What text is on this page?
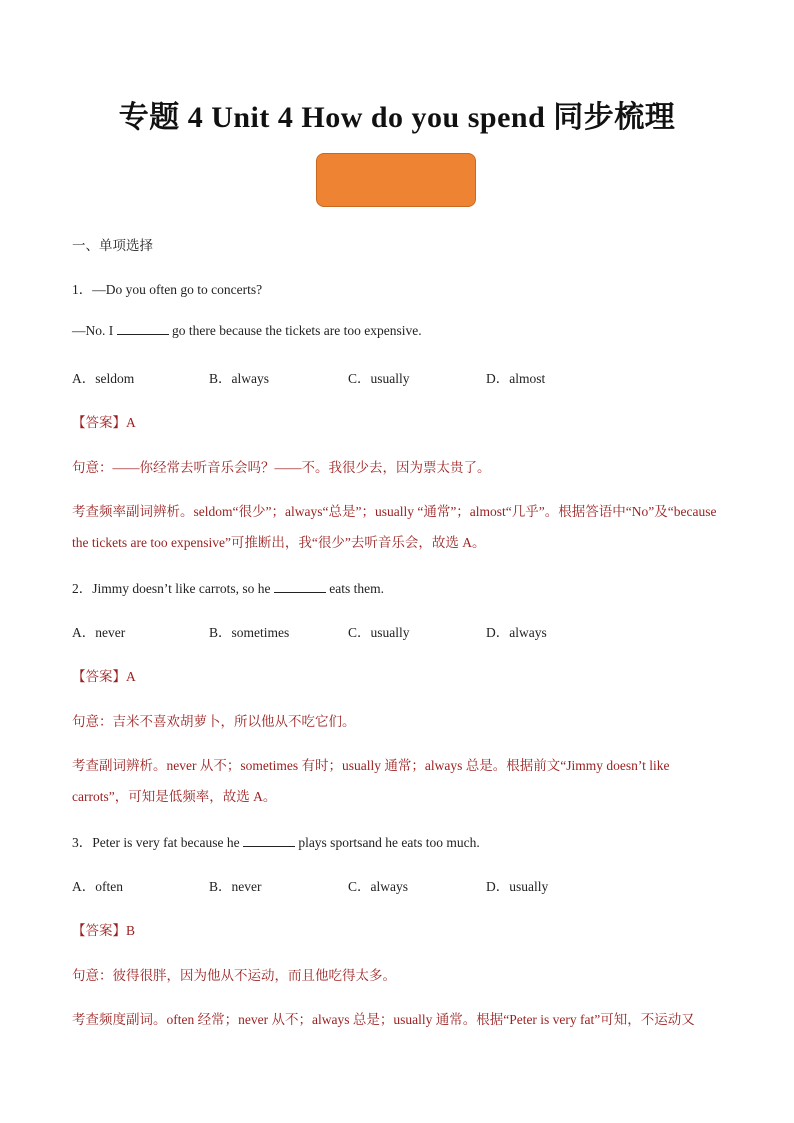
专题 4 Unit 4 How do you spend 同步梳理
一、单项选择
1．—Do you often go to concerts?
—No. I	go there because the tickets are too expensive.
A．seldom	B．always	C．usually	D．almost
【答案】A
句意：——你经常去听音乐会吗？——不。我很少去，因为票太贵了。
考查频率副词辨析。seldom“很少”；always“总是”；usually “通常”；almost“几乎”。根据答语中“No”及“because
the tickets are too expensive”可推断出，我“很少”去听音乐会，故选 A。
2．Jimmy doesn’t like carrots, so he	eats them.
A．never	B．sometimes	C．usually	D．always
【答案】A
句意：吉米不喜欢胡萝卜，所以他从不吃它们。
考查副词辨析。never 从不；sometimes 有时；usually 通常；always 总是。根据前文“Jimmy doesn’t like
carrots”，可知是低频率，故选 A。
3．Peter is very fat because he	plays sportsand he eats too much.
A．often	B．never	C．always	D．usually
【答案】B
句意：彼得很胖，因为他从不运动，而且他吃得太多。
考查频度副词。often 经常；never 从不；always 总是；usually 通常。根据“Peter is very fat”可知，不运动又
